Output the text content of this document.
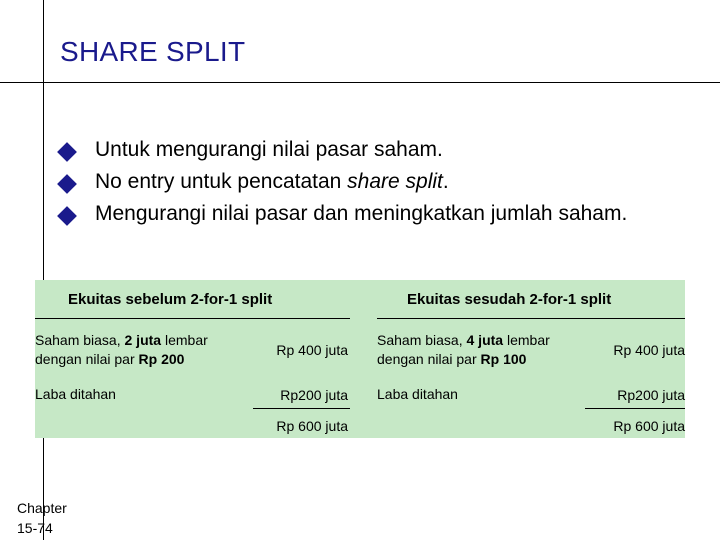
SHARE SPLIT
Untuk mengurangi nilai pasar saham.
No entry untuk pencatatan share split.
Mengurangi nilai pasar dan meningkatkan jumlah saham.
Ekuitas sebelum 2-for-1 split
Saham biasa, 2 juta lembar
dengan nilai par Rp 200
Rp 400 juta
Laba ditahan	Rp200 juta
Rp 600 juta
Ekuitas sesudah 2-for-1 split
Saham biasa, 4 juta lembar
dengan nilai par Rp 100
Rp 400 juta
Laba ditahan	Rp200 juta
Rp 600 juta
Chapter 15-74
